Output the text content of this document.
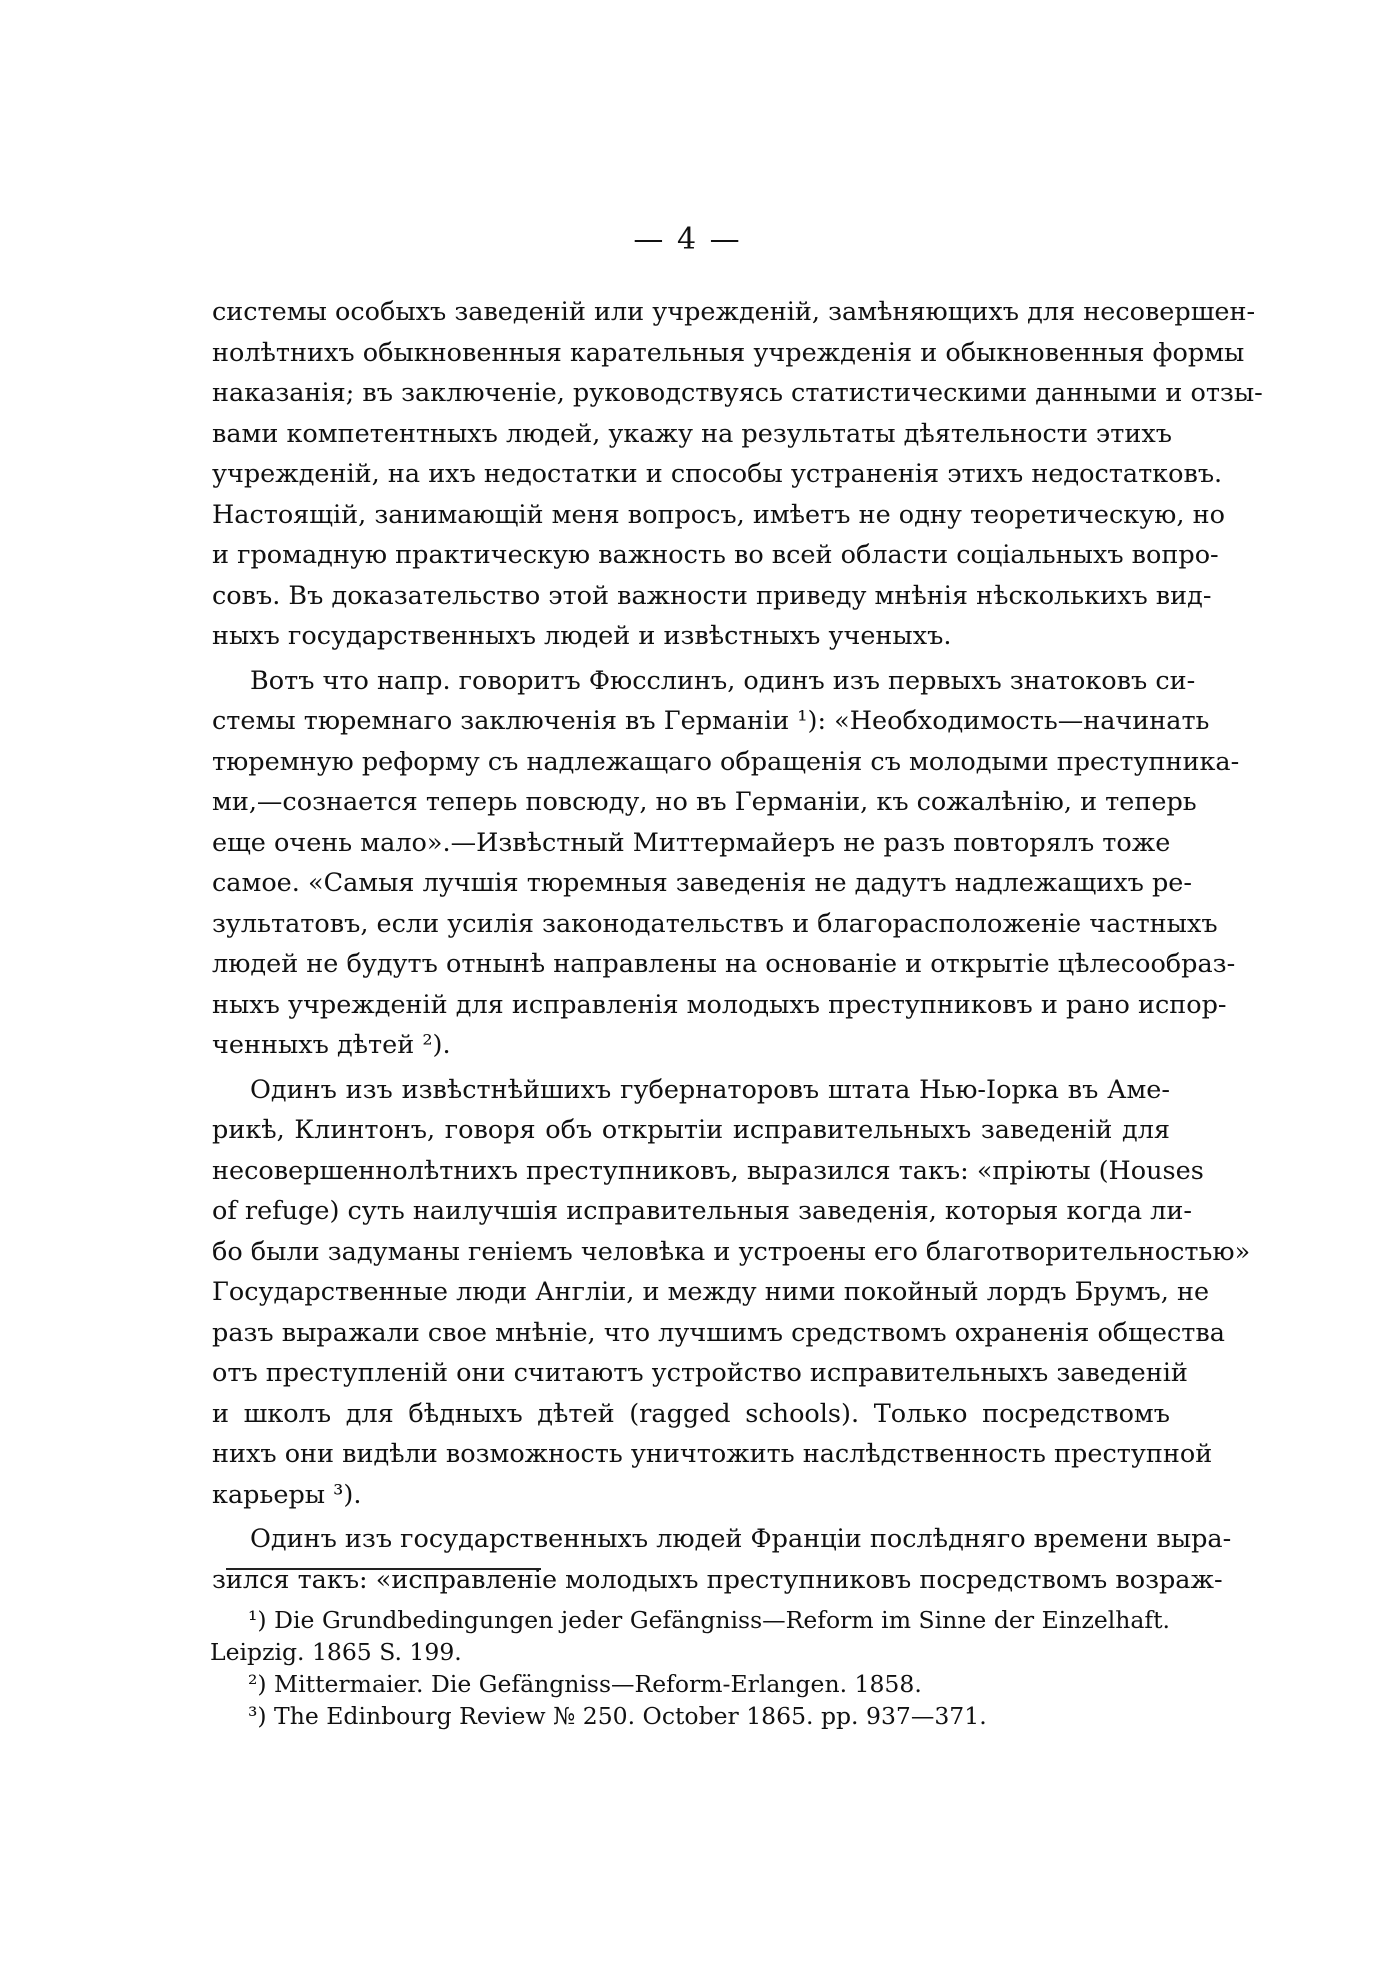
— 4 —
системы особыхъ заведеній или учрежденій, замѣняющихъ для несовершен-
нолѣтнихъ обыкновенныя карательныя учрежденія и обыкновенныя формы
наказанія; въ заключеніе, руководствуясь статистическими данными и отзы-
вами компетентныхъ людей, укажу на результаты дѣятельности этихъ
учрежденій, на ихъ недостатки и способы устраненія этихъ недостатковъ.
Настоящій, занимающій меня вопросъ, имѣетъ не одну теоретическую, но
и громадную практическую важность во всей области соціальныхъ вопро-
совъ. Въ доказательство этой важности приведу мнѣнія нѣсколькихъ вид-
ныхъ государственныхъ людей и извѣстныхъ ученыхъ.
Вотъ что напр. говоритъ Фюсслинъ, одинъ изъ первыхъ знатоковъ си-
стемы тюремнаго заключенія въ Германіи ¹): «Необходимость—начинать
тюремную реформу съ надлежащаго обращенія съ молодыми преступника-
ми,—сознается теперь повсюду, но въ Германіи, къ сожалѣнію, и теперь
еще очень мало».—Извѣстный Миттермайеръ не разъ повторялъ тоже
самое. «Самыя лучшія тюремныя заведенія не дадутъ надлежащихъ ре-
зультатовъ, если усилія законодательствъ и благорасположеніе частныхъ
людей не будутъ отнынѣ направлены на основаніе и открытіе цѣлесообраз-
ныхъ учрежденій для исправленія молодыхъ преступниковъ и рано испор-
ченныхъ дѣтей ²).
Одинъ изъ извѣстнѣйшихъ губернаторовъ штата Нью-Іорка въ Аме-
рикѣ, Клинтонъ, говоря объ открытіи исправительныхъ заведеній для
несовершеннолѣтнихъ преступниковъ, выразился такъ: «пріюты (Houses
of refuge) суть наилучшія исправительныя заведенія, которыя когда ли-
бо были задуманы геніемъ человѣка и устроены его благотворительностью»
Государственные люди Англіи, и между ними покойный лордъ Брумъ, не
разъ выражали свое мнѣніе, что лучшимъ средствомъ охраненія общества
отъ преступленій они считаютъ устройство исправительныхъ заведеній
и школъ для бѣдныхъ дѣтей (ragged schools). Только посредствомъ
нихъ они видѣли возможность уничтожить наслѣдственность преступной
карьеры ³).
Одинъ изъ государственныхъ людей Франціи послѣдняго времени выра-
зился такъ: «исправленіе молодыхъ преступниковъ посредствомъ возраж-
¹) Die Grundbedingungen jeder Gefängniss—Reform im Sinne der Einzelhaft.
Leipzig. 1865 S. 199.
²) Mittermaier. Die Gefängniss—Reform-Erlangen. 1858.
³) The Edinbourg Review № 250. October 1865. pp. 937—371.
